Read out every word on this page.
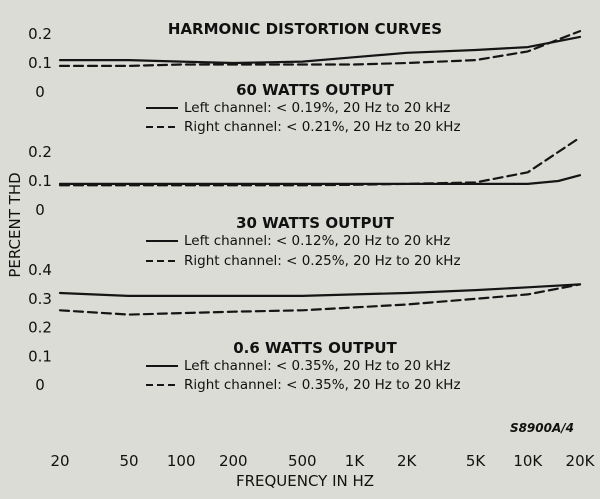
HARMONIC DISTORTION CURVES
PERCENT THD
FREQUENCY IN HZ
S8900A/4
20	50 100 200	500 1K 2K	5K 10K 20K
0.2
0.1
0	60 WATTS OUTPUT
Left channel: < 0.19%, 20 Hz to 20 kHz
Right channel: < 0.21%, 20 Hz to 20 kHz
0.2
0.1
0
30 WATTS OUTPUT
Left channel: < 0.12%, 20 Hz to 20 kHz
Right channel: < 0.25%, 20 Hz to 20 kHz
0.4
0.3
0.2
0.1
0
0.6 WATTS OUTPUT
Left channel: < 0.35%, 20 Hz to 20 kHz
Right channel: < 0.35%, 20 Hz to 20 kHz
